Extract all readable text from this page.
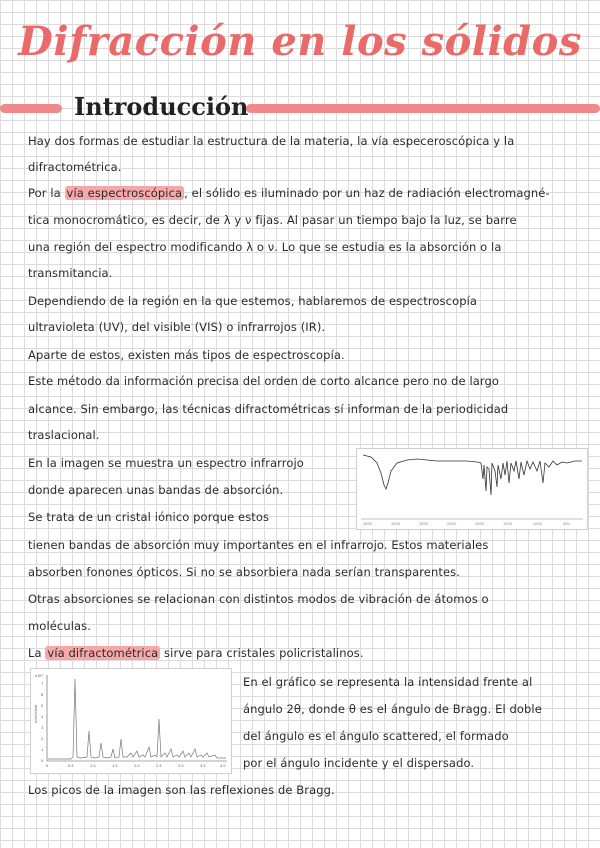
Difracción en los sólidos
Introducción
Hay dos formas de estudiar la estructura de la materia, la vía especeroscópica y la
difractométrica.
Por la vía espectroscópica , el sólido es iluminado por un haz de radiación electromagné-
tica monocromático, es decir, de λ y ν fijas. Al pasar un tiempo bajo la luz, se barre
una región del espectro modificando λ o ν. Lo que se estudia es la absorción o la
transmitancia.
Dependiendo de la región en la que estemos, hablaremos de espectroscopía
ultravioleta (UV), del visible (VIS) o infrarrojos (IR).
Aparte de estos, existen más tipos de espectroscopía.
Este método da información precisa del orden de corto alcance pero no de largo
alcance. Sin embargo, las técnicas difractométricas sí informan de la periodicidad
traslacional.
En la imagen se muestra un espectro infrarrojo
donde aparecen unas bandas de absorción.
Se trata de un cristal iónico porque estos
tienen bandas de absorción muy importantes en el infrarrojo. Estos materiales
absorben fonones ópticos. Si no se absorbiera nada serían transparentes.
Otras absorciones se relacionan con distintos modos de vibración de átomos o
moléculas.
La vía difractométrica sirve para cristales policristalinos.
En el gráfico se representa la intensidad frente al
ángulo 2θ, donde θ es el ángulo de Bragg. El doble
del ángulo es el ángulo scattered, el formado
por el ángulo incidente y el dispersado.
Los picos de la imagen son las reflexiones de Bragg.
4000	3500	3000	2500	2000	1500	1000	500
Intensidad
0
1
2
3
4
5
6
7
x10⁴
0	0.5	1.0	1.5	2.0	2.5	3.0	3.5	4.0
